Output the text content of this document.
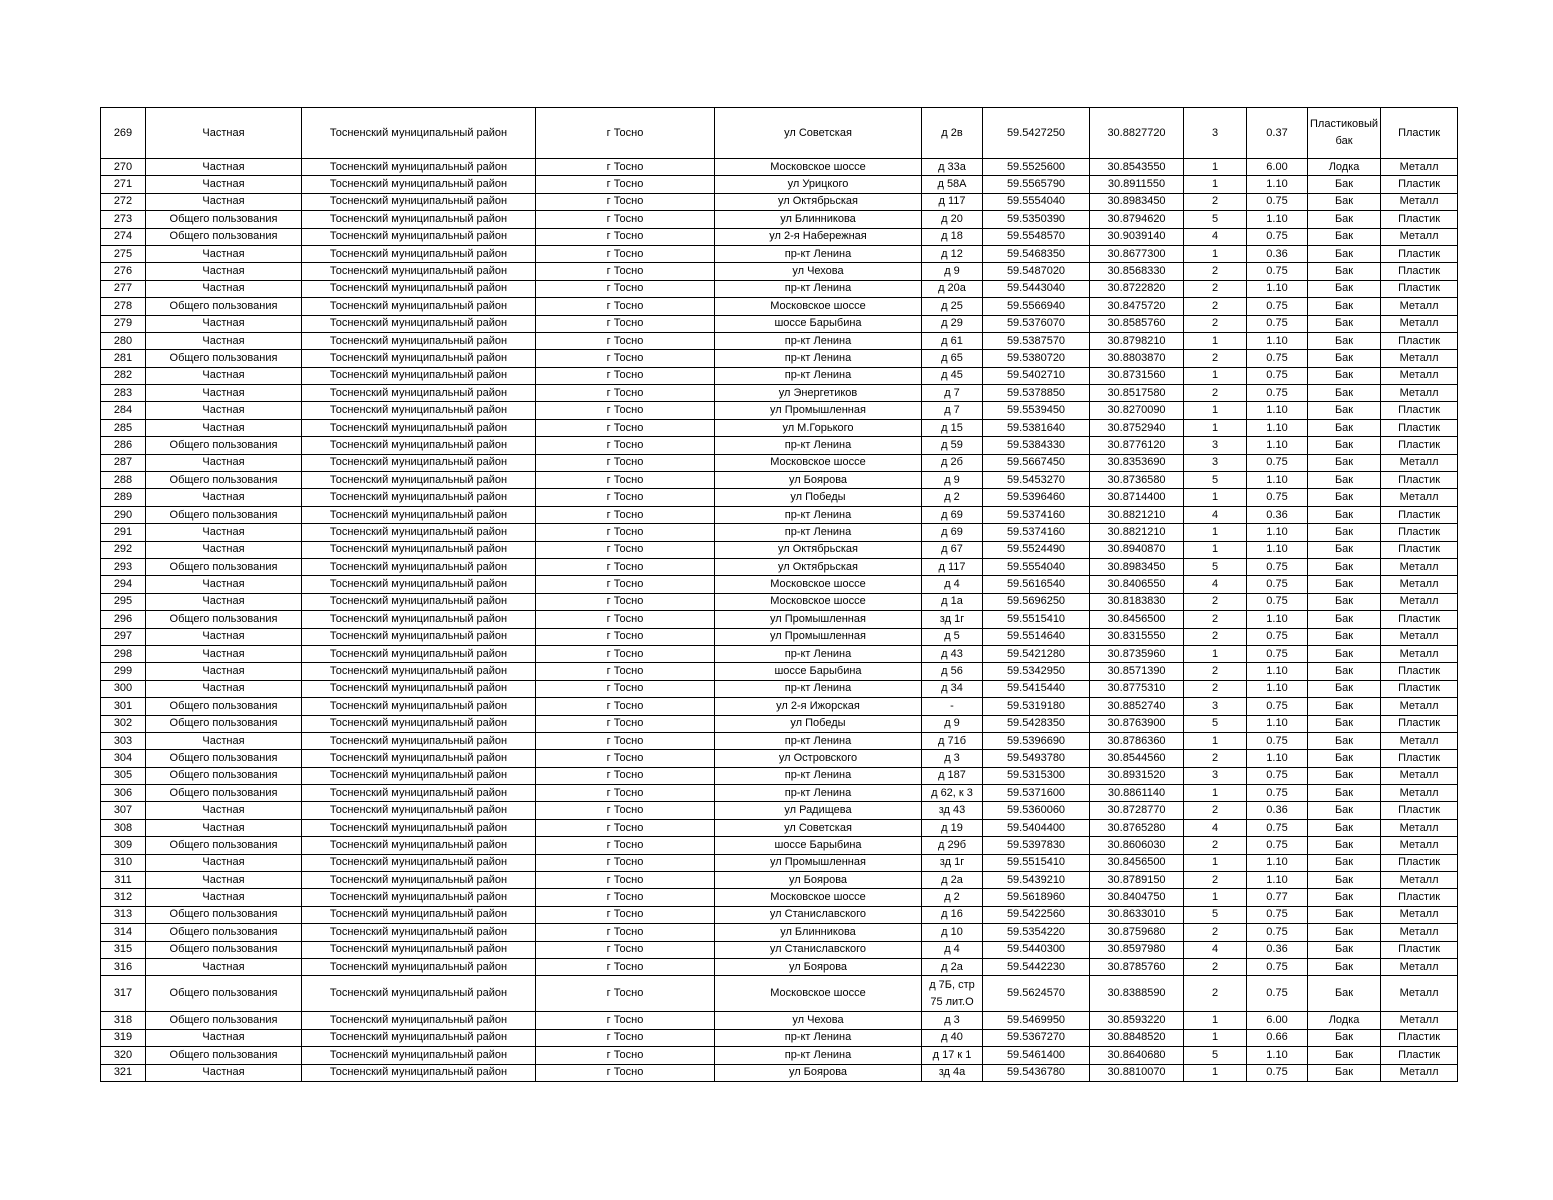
269	Частная	Тосненский муниципальный район	г Тосно	ул Советская	д 2в	59.5427250	30.8827720	3	0.37	Пластиковый бак	Пластик
270	Частная	Тосненский муниципальный район	г Тосно	Московское шоссе	д 33а	59.5525600	30.8543550	1	6.00	Лодка	Металл
271	Частная	Тосненский муниципальный район	г Тосно	ул Урицкого	д 58А	59.5565790	30.8911550	1	1.10	Бак	Пластик
272	Частная	Тосненский муниципальный район	г Тосно	ул Октябрьская	д 117	59.5554040	30.8983450	2	0.75	Бак	Металл
273	Общего пользования	Тосненский муниципальный район	г Тосно	ул Блинникова	д 20	59.5350390	30.8794620	5	1.10	Бак	Пластик
274	Общего пользования	Тосненский муниципальный район	г Тосно	ул 2-я Набережная	д 18	59.5548570	30.9039140	4	0.75	Бак	Металл
275	Частная	Тосненский муниципальный район	г Тосно	пр-кт Ленина	д 12	59.5468350	30.8677300	1	0.36	Бак	Пластик
276	Частная	Тосненский муниципальный район	г Тосно	ул Чехова	д 9	59.5487020	30.8568330	2	0.75	Бак	Пластик
277	Частная	Тосненский муниципальный район	г Тосно	пр-кт Ленина	д 20а	59.5443040	30.8722820	2	1.10	Бак	Пластик
278	Общего пользования	Тосненский муниципальный район	г Тосно	Московское шоссе	д 25	59.5566940	30.8475720	2	0.75	Бак	Металл
279	Частная	Тосненский муниципальный район	г Тосно	шоссе Барыбина	д 29	59.5376070	30.8585760	2	0.75	Бак	Металл
280	Частная	Тосненский муниципальный район	г Тосно	пр-кт Ленина	д 61	59.5387570	30.8798210	1	1.10	Бак	Пластик
281	Общего пользования	Тосненский муниципальный район	г Тосно	пр-кт Ленина	д 65	59.5380720	30.8803870	2	0.75	Бак	Металл
282	Частная	Тосненский муниципальный район	г Тосно	пр-кт Ленина	д 45	59.5402710	30.8731560	1	0.75	Бак	Металл
283	Частная	Тосненский муниципальный район	г Тосно	ул Энергетиков	д 7	59.5378850	30.8517580	2	0.75	Бак	Металл
284	Частная	Тосненский муниципальный район	г Тосно	ул Промышленная	д 7	59.5539450	30.8270090	1	1.10	Бак	Пластик
285	Частная	Тосненский муниципальный район	г Тосно	ул М.Горького	д 15	59.5381640	30.8752940	1	1.10	Бак	Пластик
286	Общего пользования	Тосненский муниципальный район	г Тосно	пр-кт Ленина	д 59	59.5384330	30.8776120	3	1.10	Бак	Пластик
287	Частная	Тосненский муниципальный район	г Тосно	Московское шоссе	д 2б	59.5667450	30.8353690	3	0.75	Бак	Металл
288	Общего пользования	Тосненский муниципальный район	г Тосно	ул Боярова	д 9	59.5453270	30.8736580	5	1.10	Бак	Пластик
289	Частная	Тосненский муниципальный район	г Тосно	ул Победы	д 2	59.5396460	30.8714400	1	0.75	Бак	Металл
290	Общего пользования	Тосненский муниципальный район	г Тосно	пр-кт Ленина	д 69	59.5374160	30.8821210	4	0.36	Бак	Пластик
291	Частная	Тосненский муниципальный район	г Тосно	пр-кт Ленина	д 69	59.5374160	30.8821210	1	1.10	Бак	Пластик
292	Частная	Тосненский муниципальный район	г Тосно	ул Октябрьская	д 67	59.5524490	30.8940870	1	1.10	Бак	Пластик
293	Общего пользования	Тосненский муниципальный район	г Тосно	ул Октябрьская	д 117	59.5554040	30.8983450	5	0.75	Бак	Металл
294	Частная	Тосненский муниципальный район	г Тосно	Московское шоссе	д 4	59.5616540	30.8406550	4	0.75	Бак	Металл
295	Частная	Тосненский муниципальный район	г Тосно	Московское шоссе	д 1а	59.5696250	30.8183830	2	0.75	Бак	Металл
296	Общего пользования	Тосненский муниципальный район	г Тосно	ул Промышленная	зд 1г	59.5515410	30.8456500	2	1.10	Бак	Пластик
297	Частная	Тосненский муниципальный район	г Тосно	ул Промышленная	д 5	59.5514640	30.8315550	2	0.75	Бак	Металл
298	Частная	Тосненский муниципальный район	г Тосно	пр-кт Ленина	д 43	59.5421280	30.8735960	1	0.75	Бак	Металл
299	Частная	Тосненский муниципальный район	г Тосно	шоссе Барыбина	д 56	59.5342950	30.8571390	2	1.10	Бак	Пластик
300	Частная	Тосненский муниципальный район	г Тосно	пр-кт Ленина	д 34	59.5415440	30.8775310	2	1.10	Бак	Пластик
301	Общего пользования	Тосненский муниципальный район	г Тосно	ул 2-я Ижорская	-	59.5319180	30.8852740	3	0.75	Бак	Металл
302	Общего пользования	Тосненский муниципальный район	г Тосно	ул Победы	д 9	59.5428350	30.8763900	5	1.10	Бак	Пластик
303	Частная	Тосненский муниципальный район	г Тосно	пр-кт Ленина	д 71б	59.5396690	30.8786360	1	0.75	Бак	Металл
304	Общего пользования	Тосненский муниципальный район	г Тосно	ул Островского	д 3	59.5493780	30.8544560	2	1.10	Бак	Пластик
305	Общего пользования	Тосненский муниципальный район	г Тосно	пр-кт Ленина	д 187	59.5315300	30.8931520	3	0.75	Бак	Металл
306	Общего пользования	Тосненский муниципальный район	г Тосно	пр-кт Ленина	д 62, к 3	59.5371600	30.8861140	1	0.75	Бак	Металл
307	Частная	Тосненский муниципальный район	г Тосно	ул Радищева	зд 43	59.5360060	30.8728770	2	0.36	Бак	Пластик
308	Частная	Тосненский муниципальный район	г Тосно	ул Советская	д 19	59.5404400	30.8765280	4	0.75	Бак	Металл
309	Общего пользования	Тосненский муниципальный район	г Тосно	шоссе Барыбина	д 29б	59.5397830	30.8606030	2	0.75	Бак	Металл
310	Частная	Тосненский муниципальный район	г Тосно	ул Промышленная	зд 1г	59.5515410	30.8456500	1	1.10	Бак	Пластик
311	Частная	Тосненский муниципальный район	г Тосно	ул Боярова	д 2а	59.5439210	30.8789150	2	1.10	Бак	Металл
312	Частная	Тосненский муниципальный район	г Тосно	Московское шоссе	д 2	59.5618960	30.8404750	1	0.77	Бак	Пластик
313	Общего пользования	Тосненский муниципальный район	г Тосно	ул Станиславского	д 16	59.5422560	30.8633010	5	0.75	Бак	Металл
314	Общего пользования	Тосненский муниципальный район	г Тосно	ул Блинникова	д 10	59.5354220	30.8759680	2	0.75	Бак	Металл
315	Общего пользования	Тосненский муниципальный район	г Тосно	ул Станиславского	д 4	59.5440300	30.8597980	4	0.36	Бак	Пластик
316	Частная	Тосненский муниципальный район	г Тосно	ул Боярова	д 2а	59.5442230	30.8785760	2	0.75	Бак	Металл
317	Общего пользования	Тосненский муниципальный район	г Тосно	Московское шоссе	д 7Б, стр 75 лит.О	59.5624570	30.8388590	2	0.75	Бак	Металл
318	Общего пользования	Тосненский муниципальный район	г Тосно	ул Чехова	д 3	59.5469950	30.8593220	1	6.00	Лодка	Металл
319	Частная	Тосненский муниципальный район	г Тосно	пр-кт Ленина	д 40	59.5367270	30.8848520	1	0.66	Бак	Пластик
320	Общего пользования	Тосненский муниципальный район	г Тосно	пр-кт Ленина	д 17 к 1	59.5461400	30.8640680	5	1.10	Бак	Пластик
321	Частная	Тосненский муниципальный район	г Тосно	ул Боярова	зд 4а	59.5436780	30.8810070	1	0.75	Бак	Металл
